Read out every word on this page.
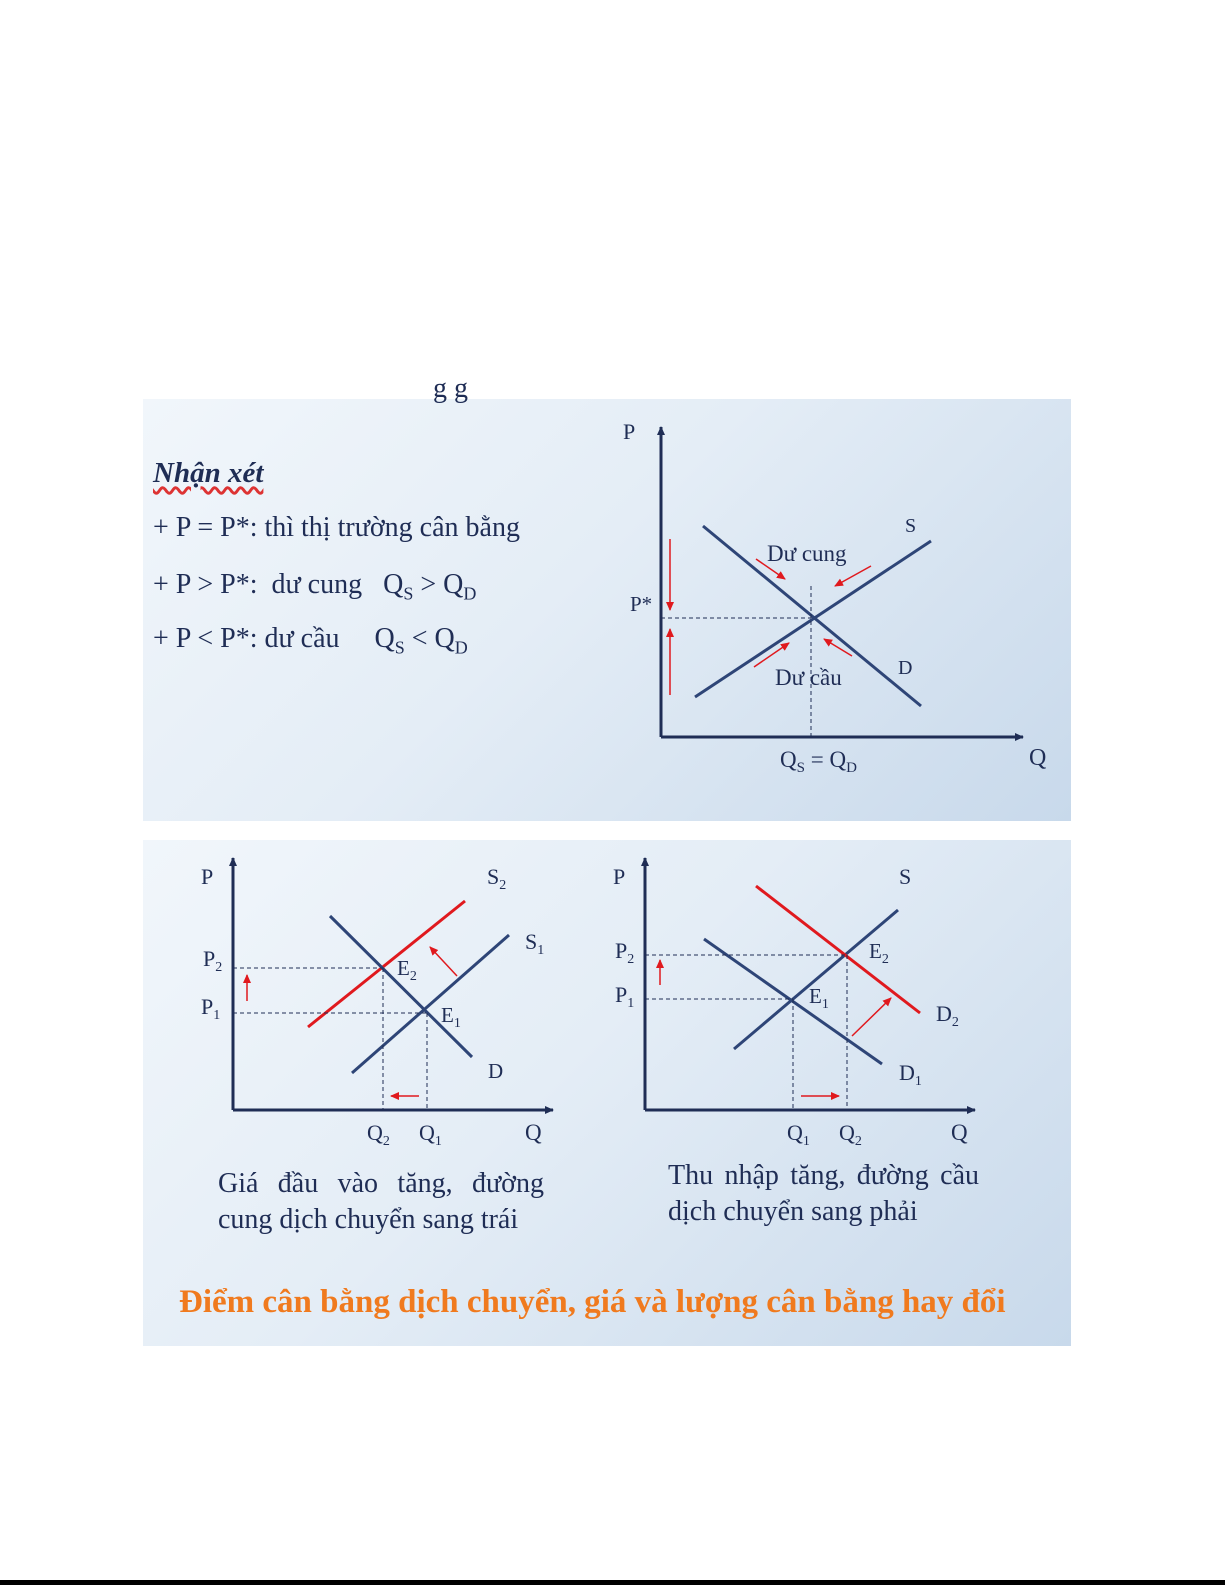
g g
Nhận xét
+ P = P*: thì thị trường cân bằng
+ P > P*:  dư cung   $Q_S > Q_D$
+ P < P*: dư cầu     $Q_S < Q_D$
P
Q
S
D
P*
Dư cung
Dư cầu
$Q_S = Q_D$
P
Q
$S_2$
$S_1$
D
$P_2$
$P_1$
$E_2$
$E_1$
$Q_2$ $Q_1$
P
Q
S
$D_2$
$D_1$
$P_2$
$P_1$
$E_2$
$E_1$
$Q_1$ $Q_2$
Giá đầu vào tăng, đường cung dịch chuyển sang trái
Thu nhập tăng, đường cầu dịch chuyển sang phải
Điểm cân bằng dịch chuyển, giá và lượng cân bằng hay đổi
